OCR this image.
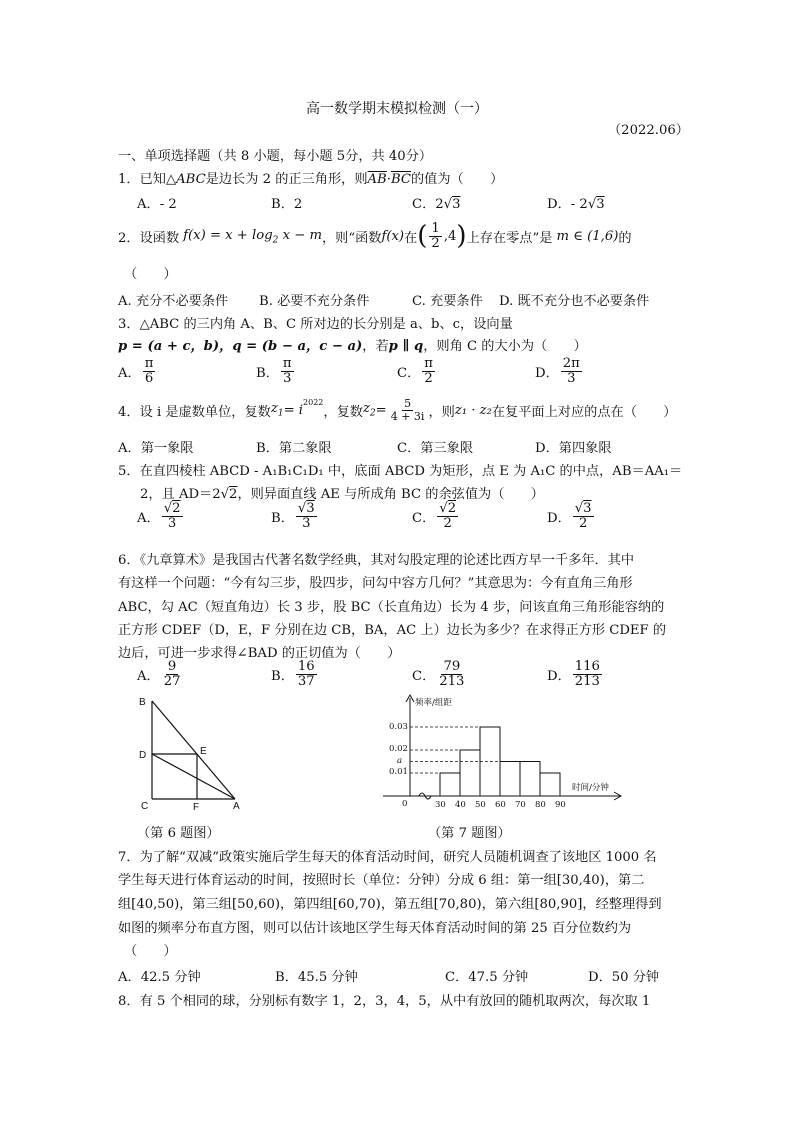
高一数学期末模拟检测（一）
（2022.06）
一、单项选择题（共 8 小题，每小题 5分，共 40分）
1．已知△ABC是边长为 2 的正三角形，则$\overline{AB}\cdot\overline{BC}$的值为（　　）
A．- 2	B．2	C．2√3	D．- 2√3
2．设函数 $f(x) = x + \log_2 x - m$ ，则“函数 f(x) 在 ( $\frac{1}{2} ,4$ ) 上存在零点”是 m ∈ (1,6) 的
（　　）
A. 充分不必要条件 B. 必要不充分条件	C. 充要条件 D. 既不充分也不必要条件
3．△ABC 的三内角 A、B、C 所对边的长分别是 a、b、c，设向量
p = (a + c，b)，q = (b − a，c − a)，若p ∥ q，则角 C 的大小为（　　）
A． $\frac{\pi}{6}$	B． $\frac{\pi}{3}$	C． $\frac{\pi}{2}$	D． $\frac{2\pi}{3}$
4．设 i 是虚数单位，复数 $z_1 = i$
$^{2022}$
，复数 $z_2 = \frac{5}{4 + 3i}$ ，则 z₁ · z₂ 在复平面上对应的点在（　　）
A．第一象限	B．第二象限	C．第三象限	D．第四象限
5．在直四棱柱 ABCD - A₁B₁C₁D₁ 中，底面 ABCD 为矩形，点 E 为 A₁C 的中点，AB＝AA₁＝
2，且 AD＝2√2，则异面直线 AE 与所成角 BC 的余弦值为（　　）
A． $\frac{√2}{3}$	B． $\frac{√3}{3}$	C． $\frac{√2}{2}$	D． $\frac{√3}{2}$
6．《九章算术》是我国古代著名数学经典，其对勾股定理的论述比西方早一千多年．其中
有这样一个问题：“今有勾三步，股四步，问勾中容方几何？”其意思为：今有直角三角形
ABC，勾 AC（短直角边）长 3 步，股 BC（长直角边）长为 4 步，问该直角三角形能容纳的
正方形 CDEF（D，E，F 分别在边 CB，BA，AC 上）边长为多少？在求得正方形 CDEF 的
边后，可进一步求得∠BAD 的正切值为（　　）
A． $\frac{9}{27}$	B． $\frac{16}{37}$	C． $\frac{79}{213}$	D． $\frac{116}{213}$
B
D	E
C	F	A
（第 6 题图）
频率/组距
时间/分钟
0
0.03
0.02
a
0.01
30 40 50 60 70 80 90
（第 7 题图）
7．为了解“双减”政策实施后学生每天的体育活动时间，研究人员随机调查了该地区 1000 名
学生每天进行体育运动的时间，按照时长（单位：分钟）分成 6 组：第一组[30,40)，第二
组[40,50)，第三组[50,60)，第四组[60,70)，第五组[70,80)，第六组[80,90]，经整理得到
如图的频率分布直方图，则可以估计该地区学生每天体育活动时间的第 25 百分位数约为
（　　）
A．42.5 分钟	B．45.5 分钟	C．47.5 分钟	D．50 分钟
8．有 5 个相同的球，分别标有数字 1，2，3，4，5，从中有放回的随机取两次，每次取 1
